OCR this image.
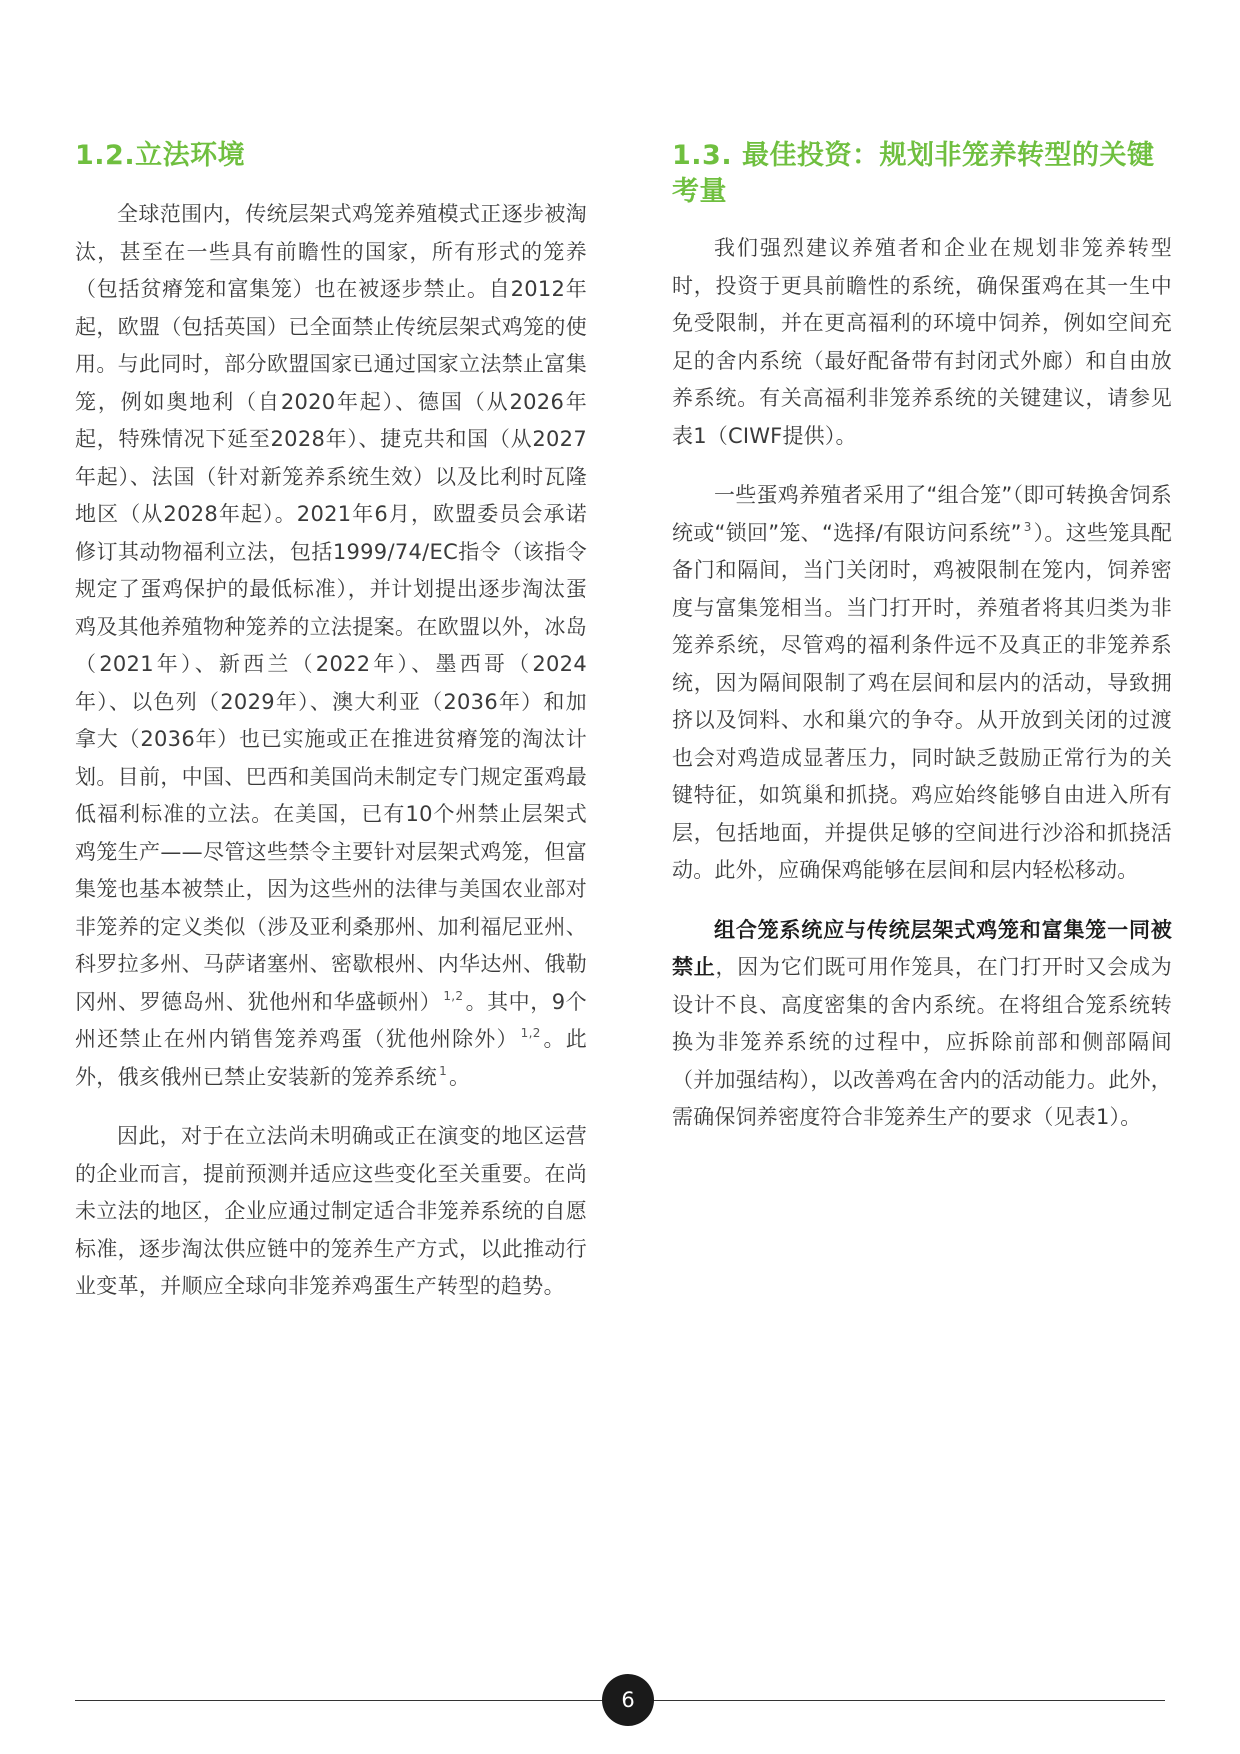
1.2.立法环境

全球范围内，传统层架式鸡笼养殖模式正逐步被淘汰，甚至在一些具有前瞻性的国家，所有形式的笼养（包括贫瘠笼和富集笼）也在被逐步禁止。自2012年起，欧盟（包括英国）已全面禁止传统层架式鸡笼的使用。与此同时，部分欧盟国家已通过国家立法禁止富集笼，例如奥地利（自2020年起）、德国（从2026年起，特殊情况下延至2028年）、捷克共和国（从2027年起）、法国（针对新笼养系统生效）以及比利时瓦隆地区（从2028年起）。2021年6月，欧盟委员会承诺修订其动物福利立法，包括1999/74/EC指令（该指令规定了蛋鸡保护的最低标准），并计划提出逐步淘汰蛋鸡及其他养殖物种笼养的立法提案。在欧盟以外，冰岛（2021年）、新西兰（2022年）、墨西哥（2024年）、以色列（2029年）、澳大利亚（2036年）和加拿大（2036年）也已实施或正在推进贫瘠笼的淘汰计划。目前，中国、巴西和美国尚未制定专门规定蛋鸡最低福利标准的立法。在美国，已有10个州禁止层架式鸡笼生产——尽管这些禁令主要针对层架式鸡笼，但富集笼也基本被禁止，因为这些州的法律与美国农业部对非笼养的定义类似（涉及亚利桑那州、加利福尼亚州、科罗拉多州、马萨诸塞州、密歇根州、内华达州、俄勒冈州、罗德岛州、犹他州和华盛顿州） $^{1,2}$。其中，9个州还禁止在州内销售笼养鸡蛋（犹他州除外） $^{1,2}$。此外，俄亥俄州已禁止安装新的笼养系统 $^1$。

因此，对于在立法尚未明确或正在演变的地区运营的企业而言，提前预测并适应这些变化至关重要。在尚未立法的地区，企业应通过制定适合非笼养系统的自愿标准，逐步淘汰供应链中的笼养生产方式，以此推动行业变革，并顺应全球向非笼养鸡蛋生产转型的趋势。

1.3. 最佳投资：规划非笼养转型的关键考量

我们强烈建议养殖者和企业在规划非笼养转型时，投资于更具前瞻性的系统，确保蛋鸡在其一生中免受限制，并在更高福利的环境中饲养，例如空间充足的舍内系统（最好配备带有封闭式外廊）和自由放养系统。有关高福利非笼养系统的关键建议，请参见表1（CIWF提供）。

一些蛋鸡养殖者采用了“组合笼”（即可转换舍饲系统或“锁回”笼、“选择/有限访问系统” $^3$）。这些笼具配备门和隔间，当门关闭时，鸡被限制在笼内，饲养密度与富集笼相当。当门打开时，养殖者将其归类为非笼养系统，尽管鸡的福利条件远不及真正的非笼养系统，因为隔间限制了鸡在层间和层内的活动，导致拥挤以及饲料、水和巢穴的争夺。从开放到关闭的过渡也会对鸡造成显著压力，同时缺乏鼓励正常行为的关键特征，如筑巢和抓挠。鸡应始终能够自由进入所有层，包括地面，并提供足够的空间进行沙浴和抓挠活动。此外，应确保鸡能够在层间和层内轻松移动。

组合笼系统应与传统层架式鸡笼和富集笼一同被禁止，因为它们既可用作笼具，在门打开时又会成为设计不良、高度密集的舍内系统。在将组合笼系统转换为非笼养系统的过程中，应拆除前部和侧部隔间（并加强结构），以改善鸡在舍内的活动能力。此外，需确保饲养密度符合非笼养生产的要求（见表1）。

6
